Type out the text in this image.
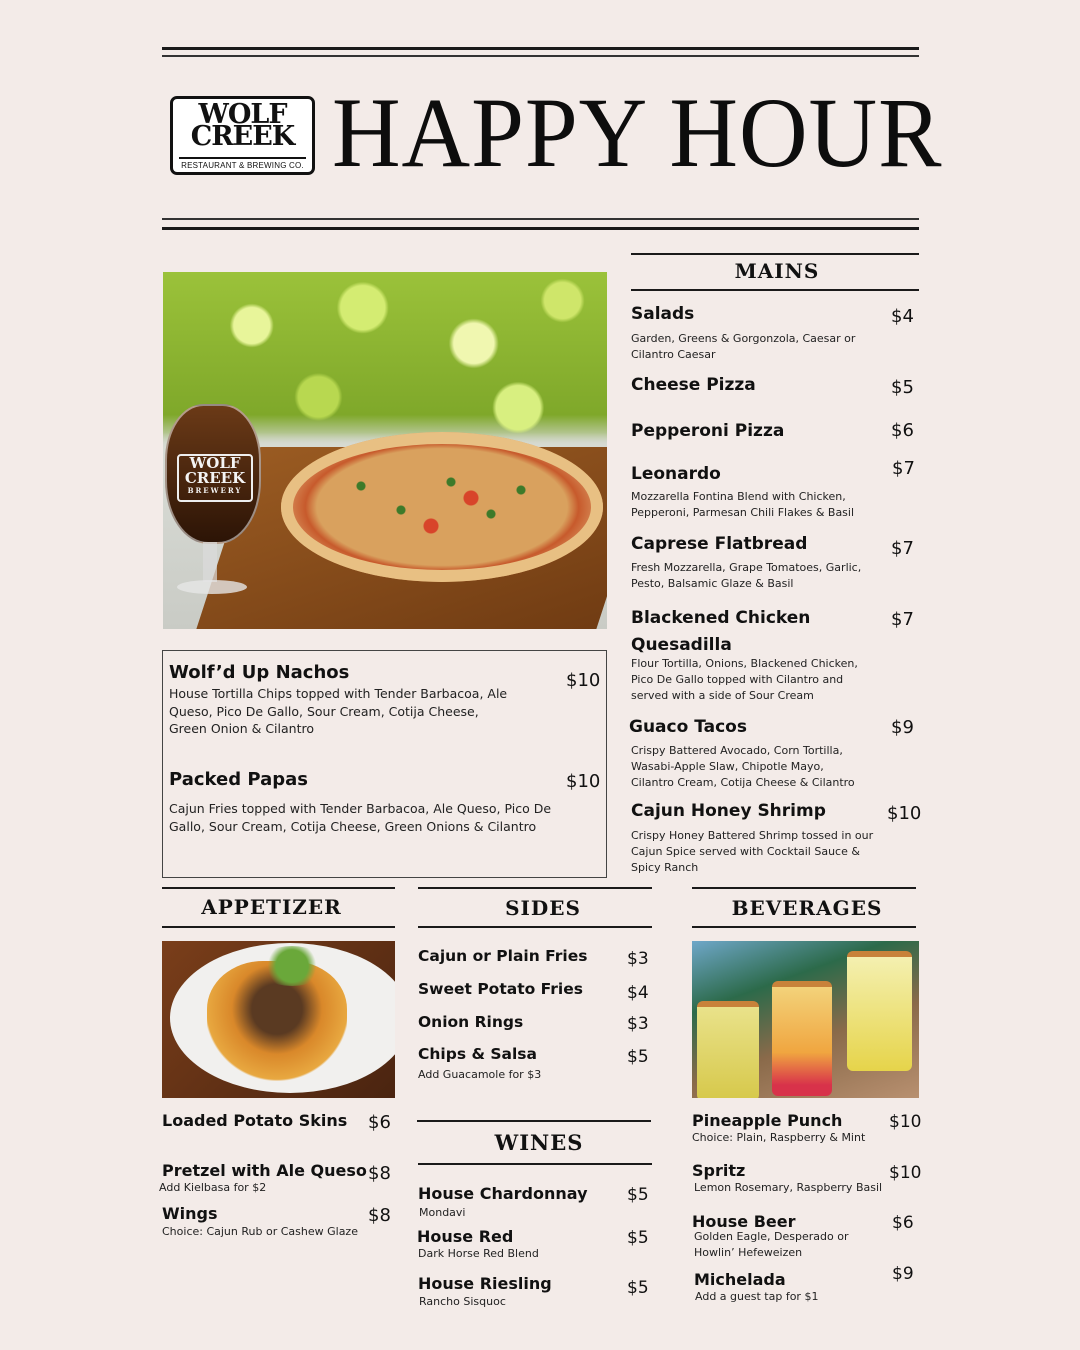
WOLF
CREEK
RESTAURANT & BREWING CO. HAPPY HOUR
WOLF
CREEK
BREWERY
Wolf’d Up Nachos	$10
House Tortilla Chips topped with Tender Barbacoa, Ale Queso, Pico De Gallo, Sour Cream, Cotija Cheese, Green Onion & Cilantro
Packed Papas	$10
Cajun Fries topped with Tender Barbacoa, Ale Queso, Pico De Gallo, Sour Cream, Cotija Cheese, Green Onions & Cilantro
MAINS
Salads	$4
Garden, Greens & Gorgonzola, Caesar or Cilantro Caesar
Cheese Pizza	$5
Pepperoni Pizza	$6
Leonardo	$7
Mozzarella Fontina Blend with Chicken, Pepperoni, Parmesan Chili Flakes & Basil
Caprese Flatbread	$7
Fresh Mozzarella, Grape Tomatoes, Garlic, Pesto, Balsamic Glaze & Basil
Blackened Chicken
Quesadilla
$7
Flour Tortilla, Onions, Blackened Chicken, Pico De Gallo topped with Cilantro and served with a side of Sour Cream
Guaco Tacos	$9
Crispy Battered Avocado, Corn Tortilla, Wasabi-Apple Slaw, Chipotle Mayo, Cilantro Cream, Cotija Cheese & Cilantro
Cajun Honey Shrimp	$10
Crispy Honey Battered Shrimp tossed in our Cajun Spice served with Cocktail Sauce & Spicy Ranch
APPETIZER
Loaded Potato Skins $6
Pretzel with Ale Queso $8
Add Kielbasa for $2
Wings	$8
Choice: Cajun Rub or Cashew Glaze
SIDES
Cajun or Plain Fries $3
Sweet Potato Fries	$4
Onion Rings	$3
Chips & Salsa	$5
Add Guacamole for $3
WINES
House Chardonnay $5
Mondavi
House Red	$5
Dark Horse Red Blend
House Riesling	$5
Rancho Sisquoc
BEVERAGES
Pineapple Punch	$10
Choice: Plain, Raspberry & Mint
Spritz	$10
Lemon Rosemary, Raspberry Basil
House Beer	$6
Golden Eagle, Desperado or Howlin’ Hefeweizen
Michelada	$9
Add a guest tap for $1
